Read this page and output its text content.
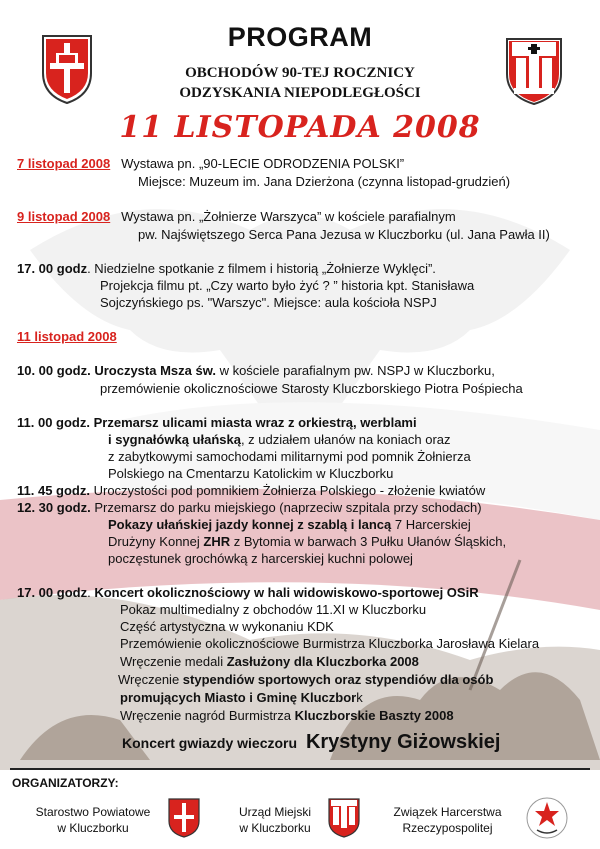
PROGRAM
OBCHODÓW 90-TEJ ROCZNICY
ODZYSKANIA NIEPODLEGŁOŚCI
11 LISTOPADA 2008
7 listopad 2008 Wystawa pn. „90-LECIE ODRODZENIA POLSKI”
Miejsce: Muzeum im. Jana Dzierżona (czynna listopad-grudzień)
9 listopad 2008 Wystawa pn. „Żołnierze Warszyca” w kościele parafialnym
pw. Najświętszego Serca Pana Jezusa w Kluczborku (ul. Jana Pawła II)
17. 00 godz. Niedzielne spotkanie z filmem i historią „Żołnierze Wyklęci”.
Projekcja filmu pt. „Czy warto było żyć ? ” historia kpt. Stanisława
Sojczyńskiego ps. "Warszyc". Miejsce: aula kościoła NSPJ
11 listopad 2008
10. 00 godz. Uroczysta Msza św. w kościele parafialnym pw. NSPJ w Kluczborku,
przemówienie okolicznościowe Starosty Kluczborskiego Piotra Pośpiecha
11. 00 godz. Przemarsz ulicami miasta wraz z orkiestrą, werblami
i sygnałówką ułańską, z udziałem ułanów na koniach oraz
z zabytkowymi samochodami militarnymi pod pomnik Żołnierza
Polskiego na Cmentarzu Katolickim w Kluczborku
11. 45 godz. Uroczystości pod pomnikiem Żołnierza Polskiego - złożenie kwiatów
12. 30 godz. Przemarsz do parku miejskiego (naprzeciw szpitala przy schodach)
Pokazy ułańskiej jazdy konnej z szablą i lancą 7 Harcerskiej
Drużyny Konnej ZHR z Bytomia w barwach 3 Pułku Ułanów Śląskich,
poczęstunek grochówką z harcerskiej kuchni polowej
17. 00 godz. Koncert okolicznościowy w hali widowiskowo-sportowej OSiR
Pokaz multimedialny z obchodów 11.XI w Kluczborku
Część artystyczna w wykonaniu KDK
Przemówienie okolicznościowe Burmistrza Kluczborka Jarosława Kielara
Wręczenie medali Zasłużony dla Kluczborka 2008
Wręczenie stypendiów sportowych oraz stypendiów dla osób
promujących Miasto i Gminę Kluczbork
Wręczenie nagród Burmistrza Kluczborskie Baszty 2008
Koncert gwiazdy wieczoru Krystyny Giżowskiej
ORGANIZATORZY:
Starostwo Powiatowe
w Kluczborku
Urząd Miejski
w Kluczborku
Związek Harcerstwa
Rzeczypospolitej
